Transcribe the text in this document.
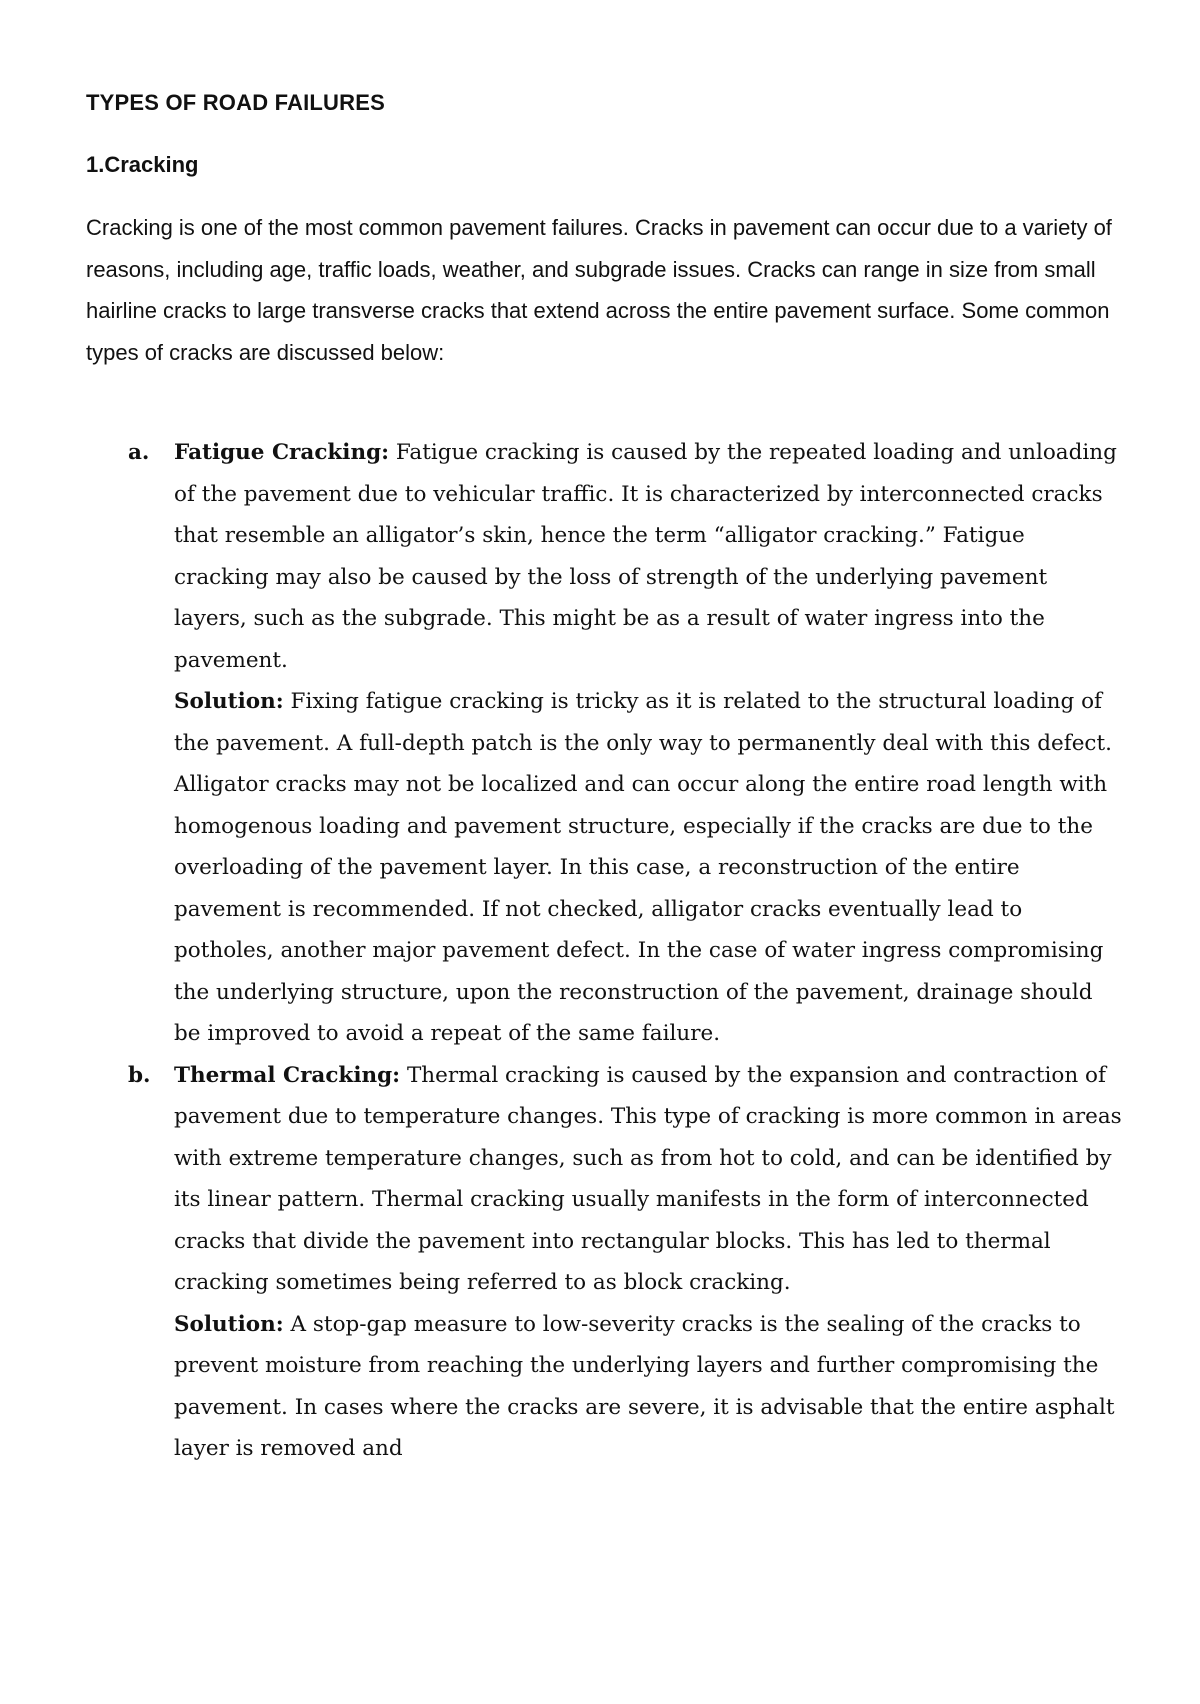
TYPES OF ROAD FAILURES
1.Cracking

Cracking is one of the most common pavement failures. Cracks in pavement can occur due to a variety of reasons, including age, traffic loads, weather, and subgrade issues. Cracks can range in size from small hairline cracks to large transverse cracks that extend across the entire pavement surface. Some common types of cracks are discussed below:

a. Fatigue Cracking: Fatigue cracking is caused by the repeated loading and unloading of the pavement due to vehicular traffic. It is characterized by interconnected cracks that resemble an alligator’s skin, hence the term “alligator cracking.” Fatigue cracking may also be caused by the loss of strength of the underlying pavement layers, such as the subgrade. This might be as a result of water ingress into the pavement.
Solution: Fixing fatigue cracking is tricky as it is related to the structural loading of the pavement. A full-depth patch is the only way to permanently deal with this defect. Alligator cracks may not be localized and can occur along the entire road length with homogenous loading and pavement structure, especially if the cracks are due to the overloading of the pavement layer. In this case, a reconstruction of the entire pavement is recommended. If not checked, alligator cracks eventually lead to potholes, another major pavement defect. In the case of water ingress compromising the underlying structure, upon the reconstruction of the pavement, drainage should be improved to avoid a repeat of the same failure.

b. Thermal Cracking: Thermal cracking is caused by the expansion and contraction of pavement due to temperature changes. This type of cracking is more common in areas with extreme temperature changes, such as from hot to cold, and can be identified by its linear pattern. Thermal cracking usually manifests in the form of interconnected cracks that divide the pavement into rectangular blocks. This has led to thermal cracking sometimes being referred to as block cracking.
Solution: A stop-gap measure to low-severity cracks is the sealing of the cracks to prevent moisture from reaching the underlying layers and further compromising the pavement. In cases where the cracks are severe, it is advisable that the entire asphalt layer is removed and
